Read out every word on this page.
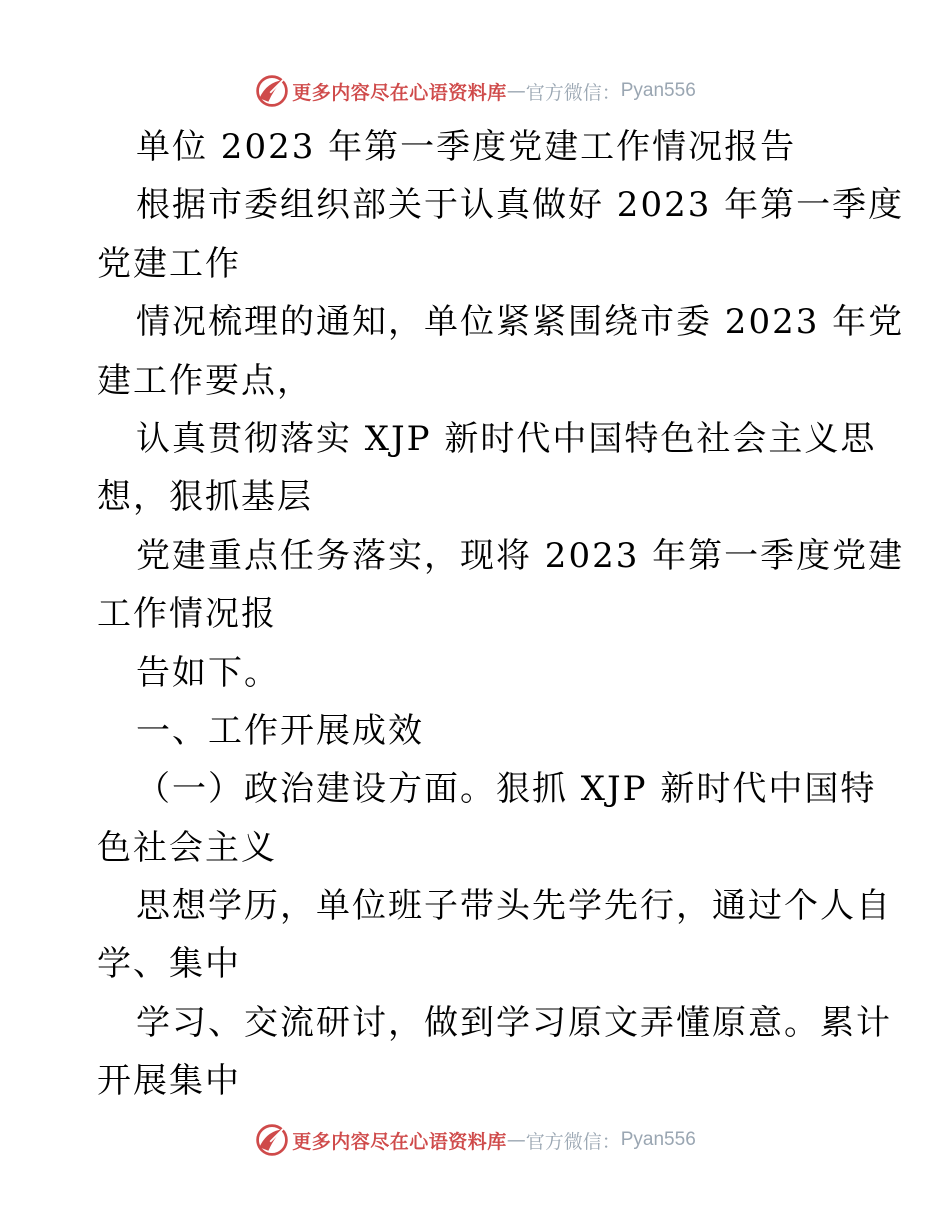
更多内容尽在心语资料库 — 官方微信： Pyan556
单位 2023 年第一季度党建工作情况报告
根据市委组织部关于认真做好 2023 年第一季度
党建工作
情况梳理的通知，单位紧紧围绕市委 2023 年党
建工作要点，
认真贯彻落实 XJP 新时代中国特色社会主义思
想，狠抓基层
党建重点任务落实，现将 2023 年第一季度党建
工作情况报
告如下。
一、工作开展成效
（一）政治建设方面。狠抓 XJP 新时代中国特
色社会主义
思想学历，单位班子带头先学先行，通过个人自
学、集中
学习、交流研讨，做到学习原文弄懂原意。累计
开展集中
更多内容尽在心语资料库 — 官方微信： Pyan556
